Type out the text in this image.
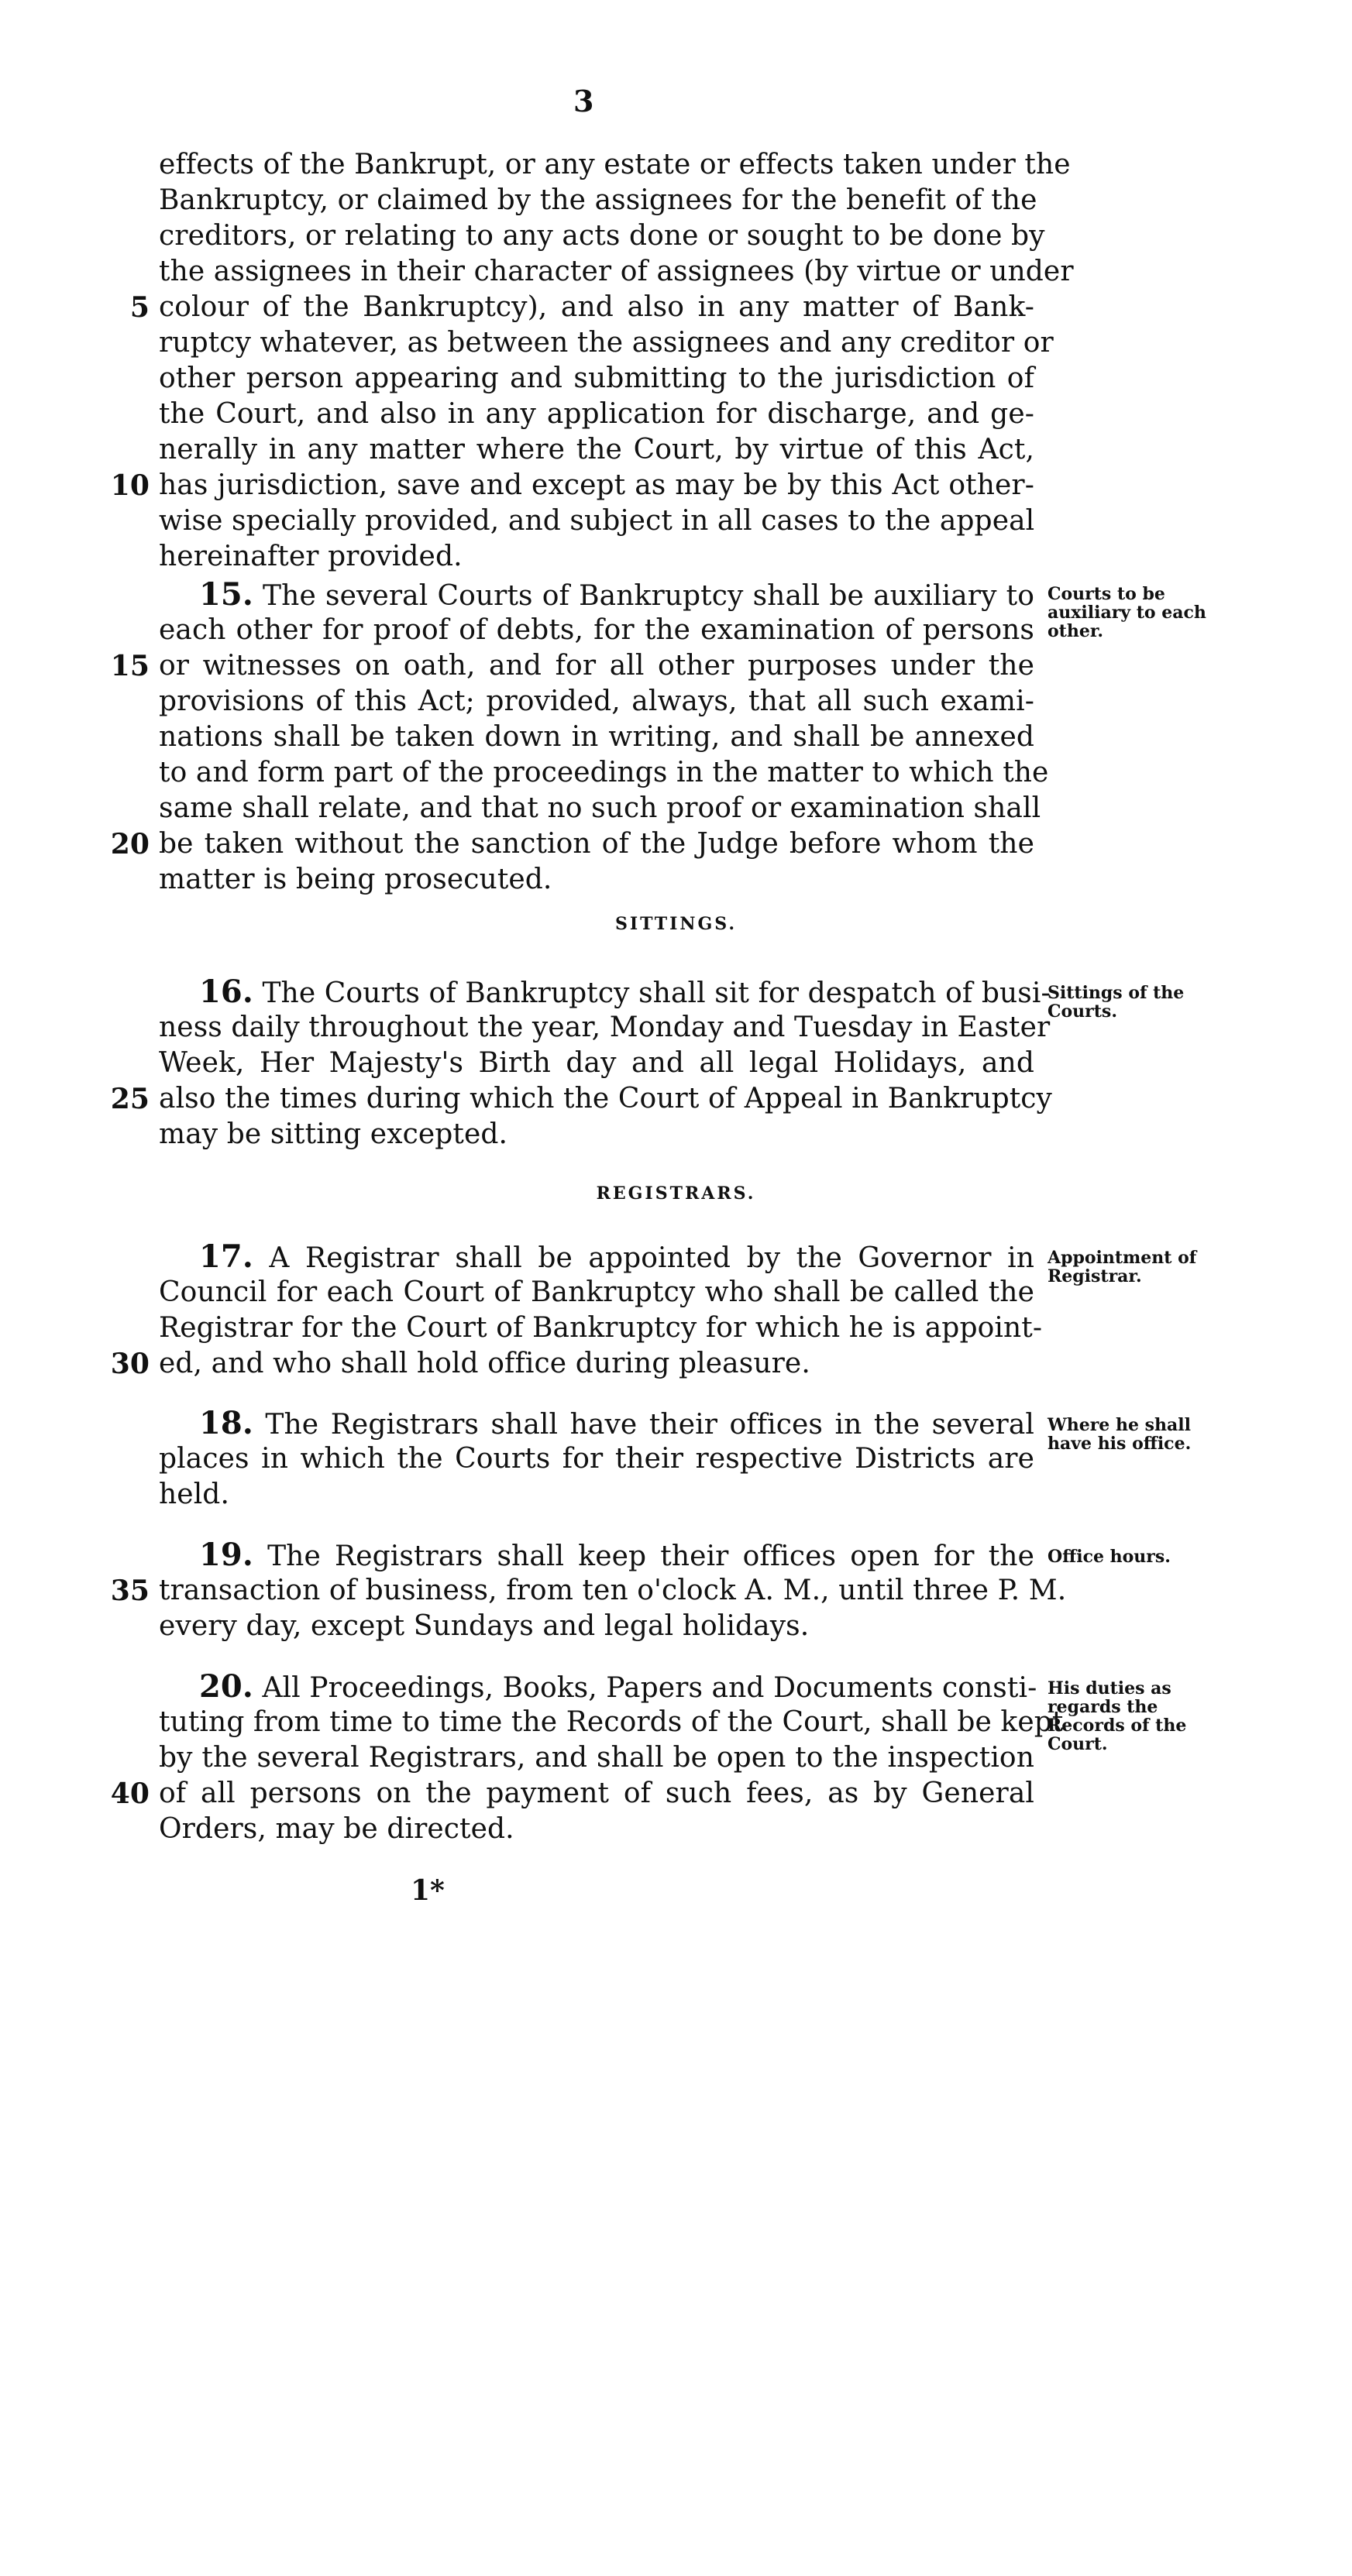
3
effects of the Bankrupt, or any estate or effects taken under the
Bankruptcy, or claimed by the assignees for the benefit of the
creditors, or relating to any acts done or sought to be done by
the assignees in their character of assignees (by virtue or under
5 colour of the Bankruptcy), and also in any matter of Bank-
ruptcy whatever, as between the assignees and any creditor or
other person appearing and submitting to the jurisdiction of
the Court, and also in any application for discharge, and ge-
nerally in any matter where the Court, by virtue of this Act,
10 has jurisdiction, save and except as may be by this Act other-
wise specially provided, and subject in all cases to the appeal
hereinafter provided.
15. The several Courts of Bankruptcy shall be auxiliary to
each other for proof of debts, for the examination of persons
15 or witnesses on oath, and for all other purposes under the
provisions of this Act; provided, always, that all such exami-
nations shall be taken down in writing, and shall be annexed
to and form part of the proceedings in the matter to which the
same shall relate, and that no such proof or examination shall
20 be taken without the sanction of the Judge before whom the
matter is being prosecuted.
Courts to be auxiliary to each other.
SITTINGS.
16. The Courts of Bankruptcy shall sit for despatch of busi-
ness daily throughout the year, Monday and Tuesday in Easter
Week, Her Majesty's Birth day and all legal Holidays, and
25 also the times during which the Court of Appeal in Bankruptcy
may be sitting excepted.
Sittings of the Courts.
REGISTRARS.
17. A Registrar shall be appointed by the Governor in
Council for each Court of Bankruptcy who shall be called the
Registrar for the Court of Bankruptcy for which he is appoint-
30 ed, and who shall hold office during pleasure.
Appointment of Registrar.
18. The Registrars shall have their offices in the several
places in which the Courts for their respective Districts are
held.
Where he shall have his office.
19. The Registrars shall keep their offices open for the
35 transaction of business, from ten o'clock A. M., until three P. M.
every day, except Sundays and legal holidays.
Office hours.
20. All Proceedings, Books, Papers and Documents consti-
tuting from time to time the Records of the Court, shall be kept
by the several Registrars, and shall be open to the inspection
40 of all persons on the payment of such fees, as by General
Orders, may be directed.
His duties as regards the Records of the Court.
1*
